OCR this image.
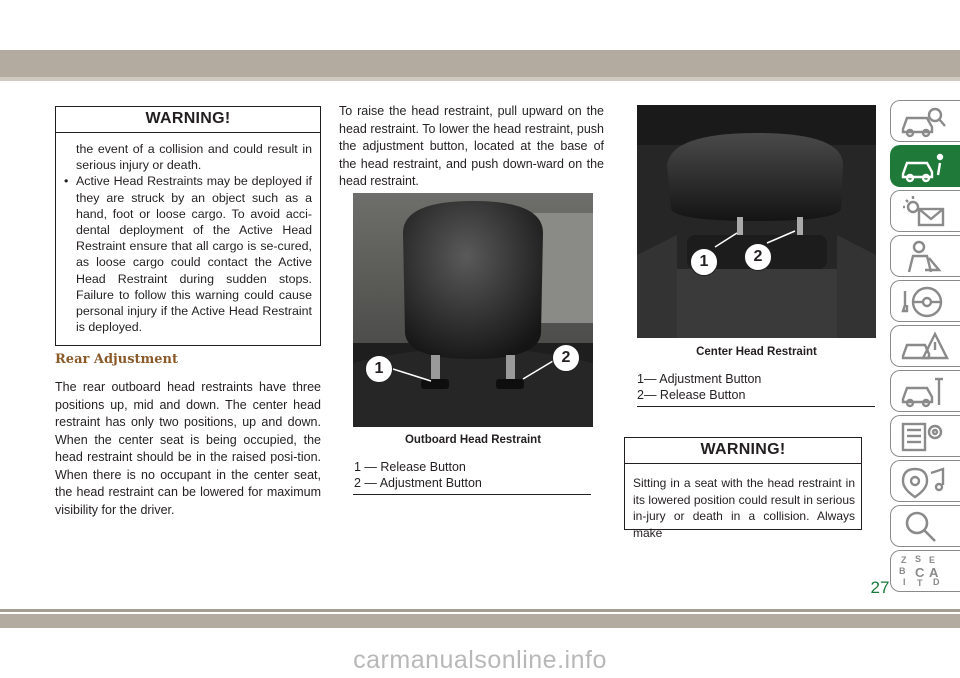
WARNING!
the event of a collision and could result in serious injury or death.
• Active Head Restraints may be deployed if they are struck by an object such as a hand, foot or loose cargo. To avoid acci-dental deployment of the Active Head Restraint ensure that all cargo is se-cured, as loose cargo could contact the Active Head Restraint during sudden stops. Failure to follow this warning could cause personal injury if the Active Head Restraint is deployed.
Rear Adjustment
The rear outboard head restraints have three positions up, mid and down. The center head restraint has only two positions, up and down. When the center seat is being occupied, the head restraint should be in the raised posi-tion. When there is no occupant in the center seat, the head restraint can be lowered for maximum visibility for the driver.
To raise the head restraint, pull upward on the head restraint. To lower the head restraint, push the adjustment button, located at the base of the head restraint, and push down-ward on the head restraint.
1
2
Outboard Head Restraint
1 — Release Button
2 — Adjustment Button
1	2
Center Head Restraint
1— Adjustment Button
2— Release Button
WARNING!
Sitting in a seat with the head restraint in its lowered position could result in serious in-jury or death in a collision. Always make
Z S E
B C A
I T D
27
carmanualsonline.info
